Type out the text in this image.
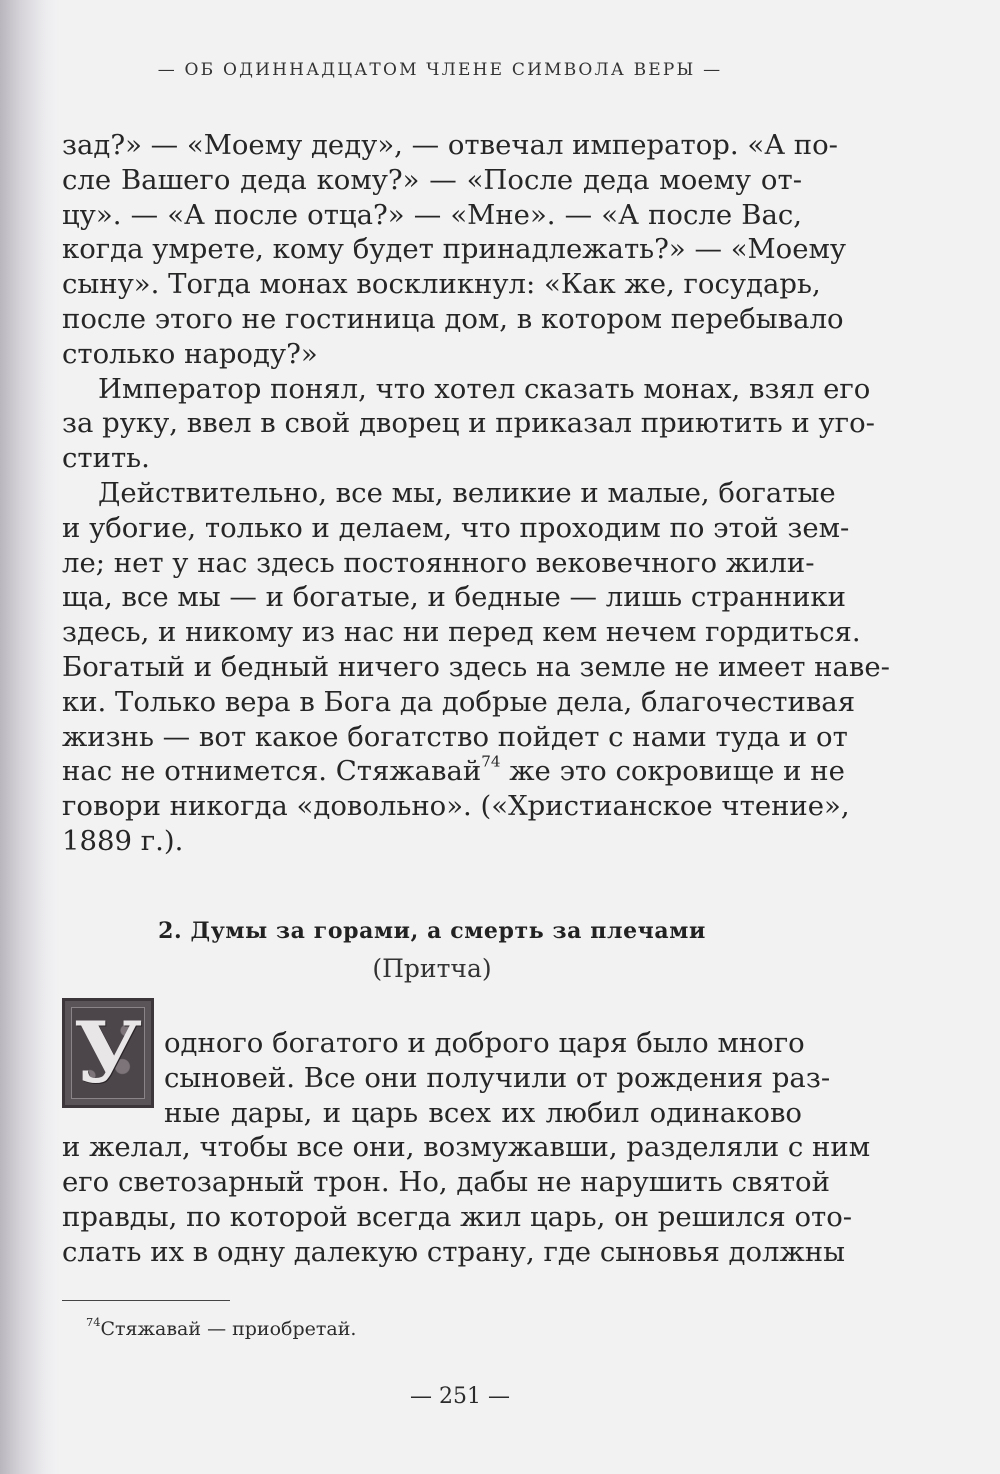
— ОБ ОДИННАДЦАТОМ ЧЛЕНЕ СИМВОЛА ВЕРЫ —
зад?» — «Моему деду», — отвечал император. «А по-
сле Вашего деда кому?» — «После деда моему от-
цу». — «А после отца?» — «Мне». — «А после Вас,
когда умрете, кому будет принадлежать?» — «Моему
сыну». Тогда монах воскликнул: «Как же, государь,
после этого не гостиница дом, в котором перебывало
столько народу?»
Император понял, что хотел сказать монах, взял его
за руку, ввел в свой дворец и приказал приютить и уго-
стить.
Действительно, все мы, великие и малые, богатые
и убогие, только и делаем, что проходим по этой зем-
ле; нет у нас здесь постоянного вековечного жили-
ща, все мы — и богатые, и бедные — лишь странники
здесь, и никому из нас ни перед кем нечем гордиться.
Богатый и бедный ничего здесь на земле не имеет наве-
ки. Только вера в Бога да добрые дела, благочестивая
жизнь — вот какое богатство пойдет с нами туда и от
нас не отнимется. Стяжавай$^{74}$ же это сокровище и не
говори никогда «довольно». («Христианское чтение»,
1889 г.).
2. Думы за горами, а смерть за плечами
(Притча)
У одного богатого и доброго царя было много
сыновей. Все они получили от рождения раз-
ные дары, и царь всех их любил одинаково
и желал, чтобы все они, возмужавши, разделяли с ним
его светозарный трон. Но, дабы не нарушить святой
правды, по которой всегда жил царь, он решился ото-
слать их в одну далекую страну, где сыновья должны
$^{74}$Стяжавай — приобретай.
— 251 —
